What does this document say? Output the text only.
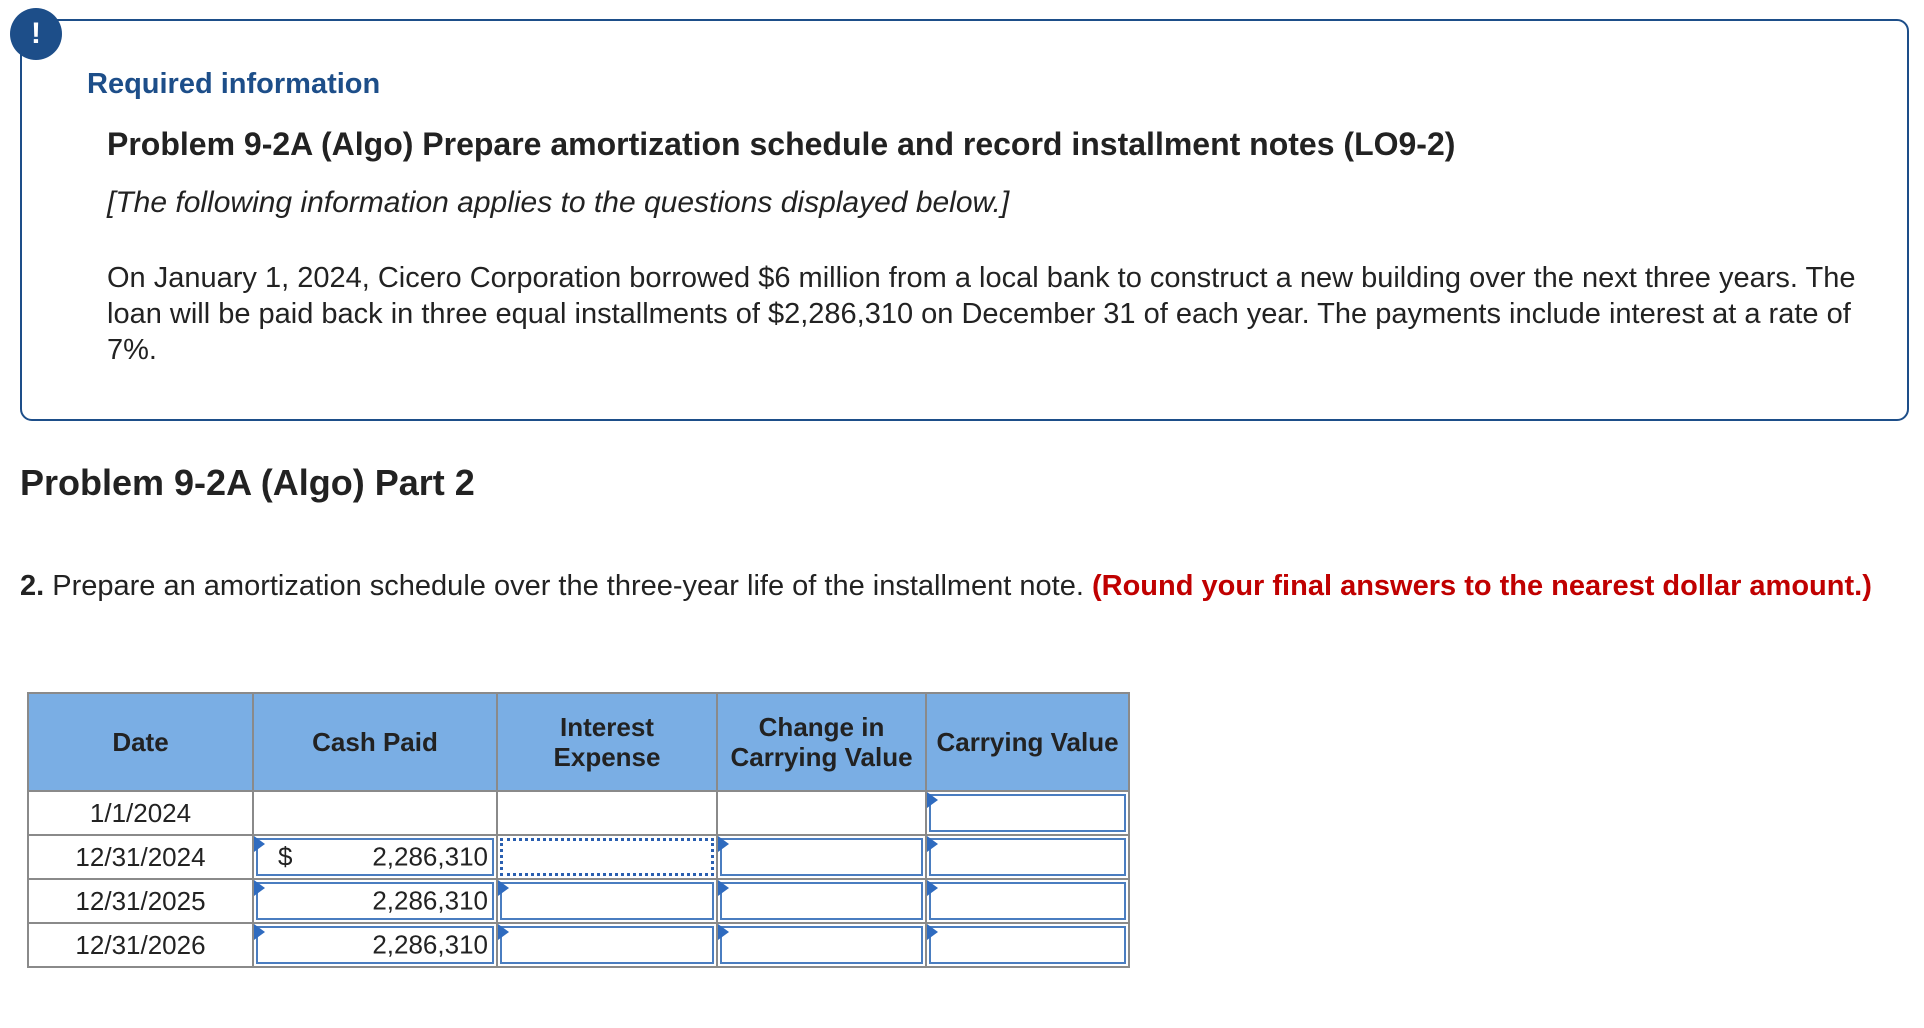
!
Required information
Problem 9-2A (Algo) Prepare amortization schedule and record installment notes (LO9-2)
[The following information applies to the questions displayed below.]
On January 1, 2024, Cicero Corporation borrowed $6 million from a local bank to construct a new building over the next three years. The loan will be paid back in three equal installments of $2,286,310 on December 31 of each year. The payments include interest at a rate of 7%.
Problem 9-2A (Algo) Part 2
2. Prepare an amortization schedule over the three-year life of the installment note. (Round your final answers to the nearest dollar amount.)
Date	Cash Paid	Interest Expense	Change in Carrying Value	Carrying Value

1/1/2024				

12/31/2024	$ 2,286,310			

12/31/2025	2,286,310			

12/31/2026	2,286,310			
